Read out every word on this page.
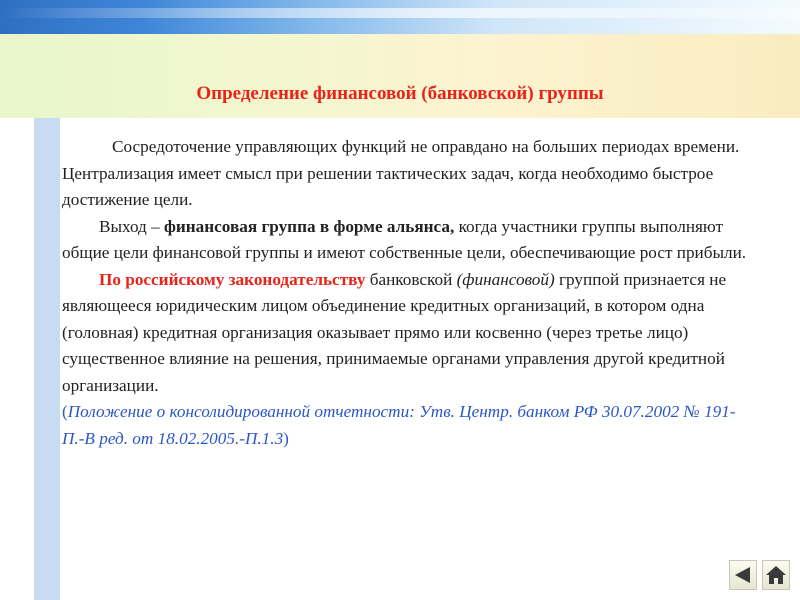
Определение финансовой (банковской) группы

Сосредоточение управляющих функций не оправдано на больших периодах времени. Централизация имеет смысл при решении тактических задач, когда необходимо быстрое достижение цели.

Выход – финансовая группа в форме альянса, когда участники группы выполняют общие цели финансовой группы и имеют собственные цели, обеспечивающие рост прибыли.

По российскому законодательству банковской (финансовой) группой признается не являющееся юридическим лицом объединение кредитных организаций, в котором одна (головная) кредитная организация оказывает прямо или косвенно (через третье лицо) существенное влияние на решения, принимаемые органами управления другой кредитной организации.

(Положение о консолидированной отчетности: Утв. Центр. банком РФ 30.07.2002 № 191-П.-В ред. от 18.02.2005.-П.1.3)
